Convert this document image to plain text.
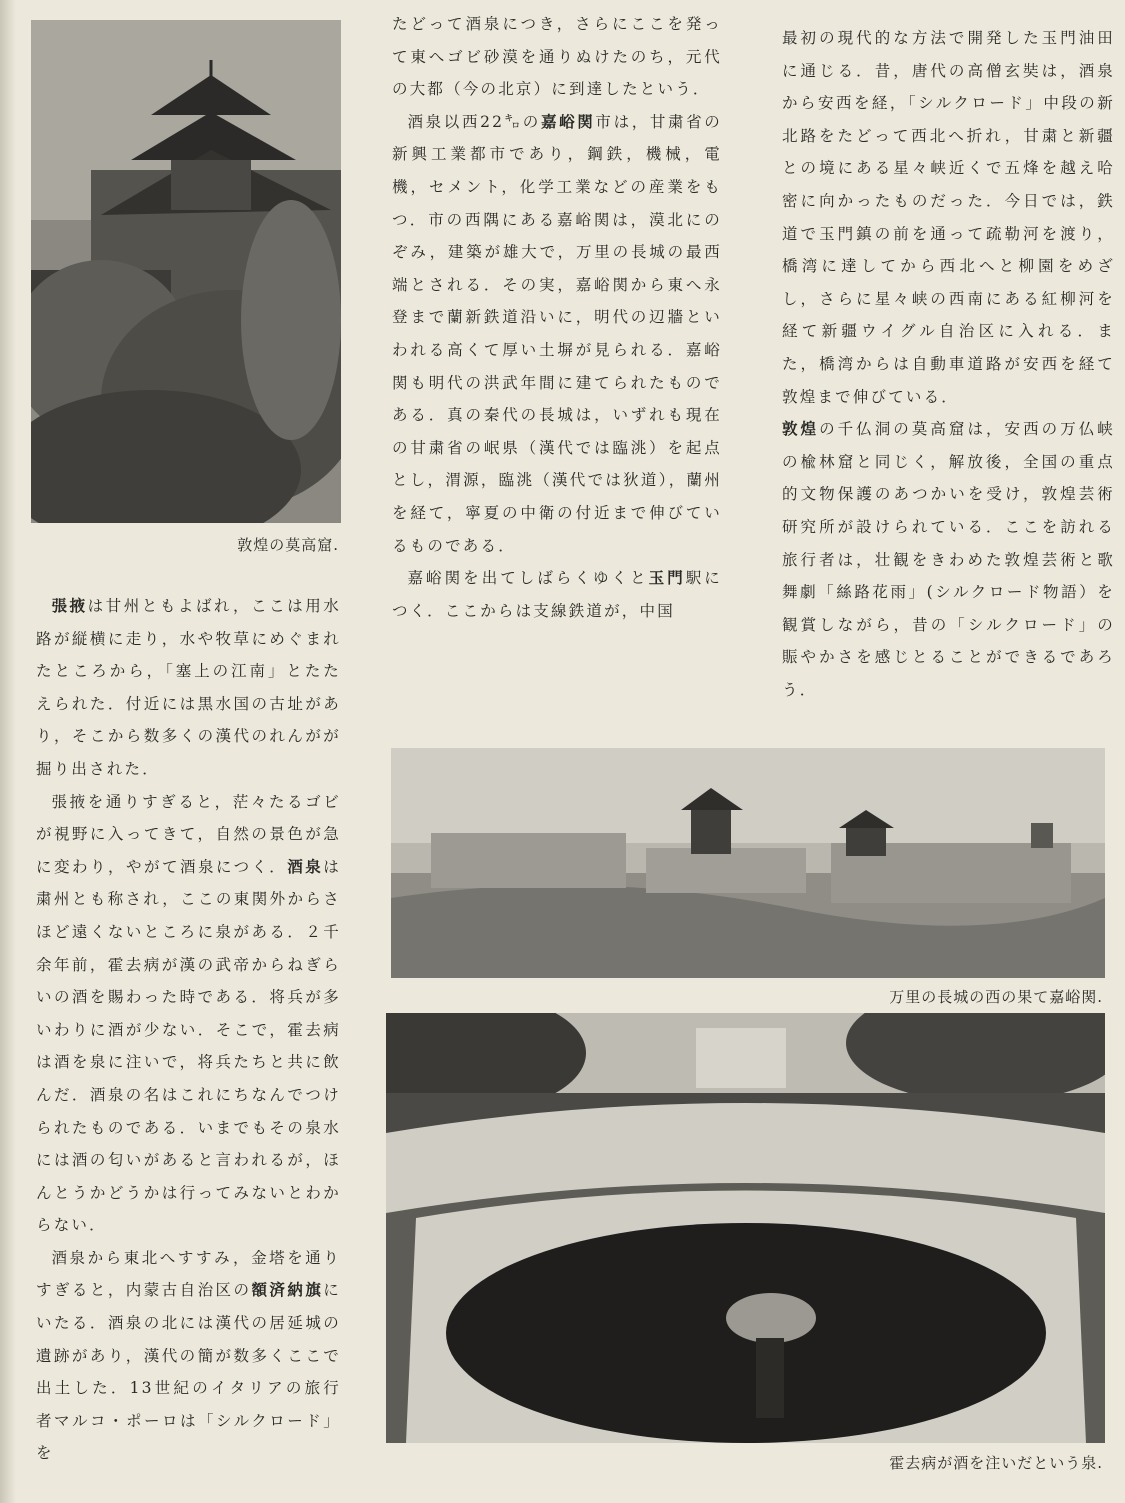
敦煌の莫高窟.

張掖は甘州ともよばれ，ここは用水路が縦横に走り，水や牧草にめぐまれたところから，「塞上の江南」とたたえられた．付近には黒水国の古址があり，そこから数多くの漢代のれんがが掘り出された．

張掖を通りすぎると，茫々たるゴビが視野に入ってきて，自然の景色が急に変わり，やがて酒泉につく．酒泉は粛州とも称され，ここの東関外からさほど遠くないところに泉がある．２千余年前，霍去病が漢の武帝からねぎらいの酒を賜わった時である．将兵が多いわりに酒が少ない．そこで，霍去病は酒を泉に注いで，将兵たちと共に飲んだ．酒泉の名はこれにちなんでつけられたものである．いまでもその泉水には酒の匂いがあると言われるが，ほんとうかどうかは行ってみないとわからない．

酒泉から東北へすすみ，金塔を通りすぎると，内蒙古自治区の額済納旗にいたる．酒泉の北には漢代の居延城の遺跡があり，漢代の簡が数多くここで出土した．13世紀のイタリアの旅行者マルコ・ポーロは「シルクロード」を

たどって酒泉につき，さらにここを発って東へゴビ砂漠を通りぬけたのち，元代の大都（今の北京）に到達したという．

酒泉以西22㌔の嘉峪関市は，甘粛省の新興工業都市であり，鋼鉄，機械，電機，セメント，化学工業などの産業をもつ．市の西隅にある嘉峪関は，漠北にのぞみ，建築が雄大で，万里の長城の最西端とされる．その実，嘉峪関から東へ永登まで蘭新鉄道沿いに，明代の辺牆といわれる高くて厚い土塀が見られる．嘉峪関も明代の洪武年間に建てられたものである．真の秦代の長城は，いずれも現在の甘粛省の岷県（漢代では臨洮）を起点とし，渭源，臨洮（漢代では狄道），蘭州を経て，寧夏の中衛の付近まで伸びているものである．

嘉峪関を出てしばらくゆくと玉門駅につく．ここからは支線鉄道が，中国

最初の現代的な方法で開発した玉門油田に通じる．昔，唐代の高僧玄奘は，酒泉から安西を経，「シルクロード」中段の新北路をたどって西北へ折れ，甘粛と新疆との境にある星々峡近くで五烽を越え哈密に向かったものだった．今日では，鉄道で玉門鎮の前を通って疏勒河を渡り，橋湾に達してから西北へと柳園をめざし，さらに星々峡の西南にある紅柳河を経て新疆ウイグル自治区に入れる．また，橋湾からは自動車道路が安西を経て敦煌まで伸びている．

敦煌の千仏洞の莫高窟は，安西の万仏峡の楡林窟と同じく，解放後，全国の重点的文物保護のあつかいを受け，敦煌芸術研究所が設けられている．ここを訪れる旅行者は，壮観をきわめた敦煌芸術と歌舞劇「絲路花雨」(シルクロード物語）を観賞しながら，昔の「シルクロード」の賑やかさを感じとることができるであろう．

万里の長城の西の果て嘉峪関.
霍去病が酒を注いだという泉.
